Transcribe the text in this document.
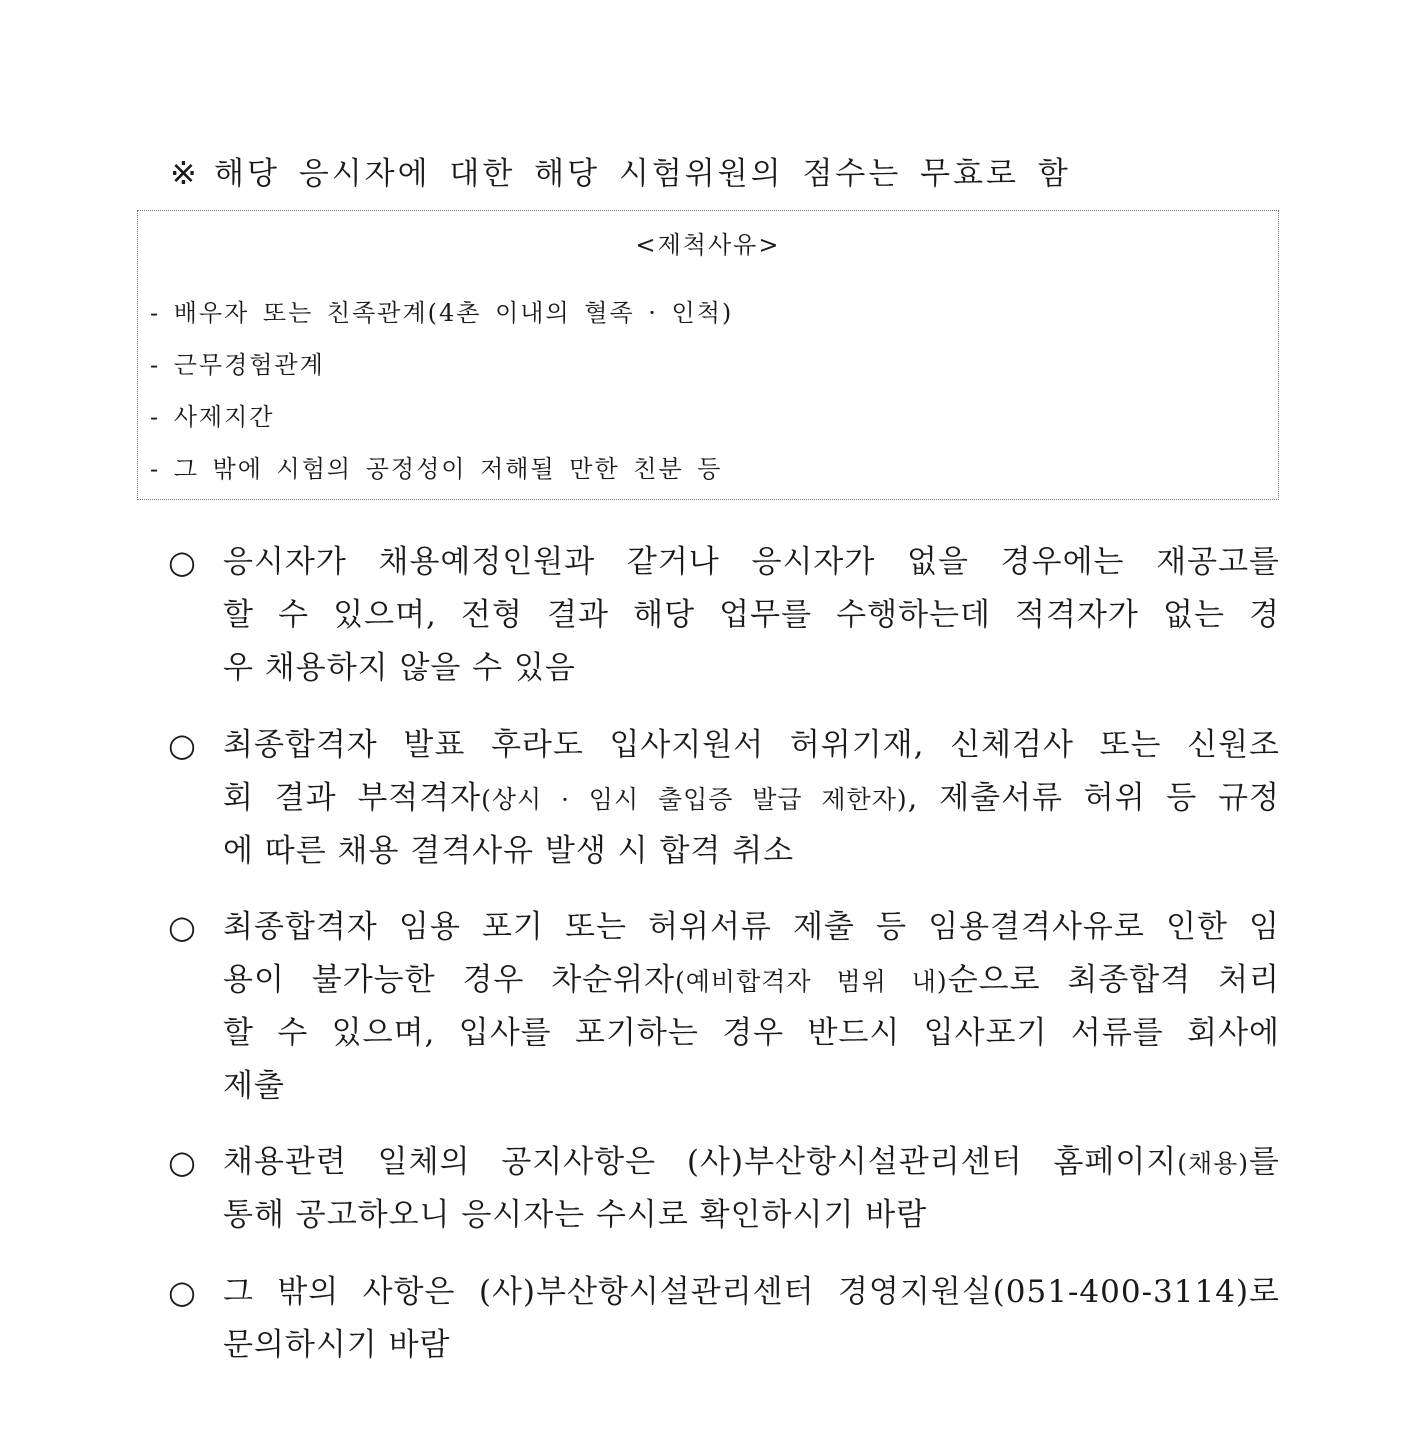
※ 해당 응시자에 대한 해당 시험위원의 점수는 무효로 함
<제척사유>
- 배우자 또는 친족관계(4촌 이내의 혈족 · 인척)
- 근무경험관계
- 사제지간
- 그 밖에 시험의 공정성이 저해될 만한 친분 등
○ 응시자가 채용예정인원과 같거나 응시자가 없을 경우에는 재공고를
할 수 있으며, 전형 결과 해당 업무를 수행하는데 적격자가 없는 경
우 채용하지 않을 수 있음
○ 최종합격자 발표 후라도 입사지원서 허위기재, 신체검사 또는 신원조
회 결과 부적격자(상시 · 임시 출입증 발급 제한자), 제출서류 허위 등 규정
에 따른 채용 결격사유 발생 시 합격 취소
○ 최종합격자 임용 포기 또는 허위서류 제출 등 임용결격사유로 인한 임
용이 불가능한 경우 차순위자(예비합격자 범위 내)순으로 최종합격 처리
할 수 있으며, 입사를 포기하는 경우 반드시 입사포기 서류를 회사에
제출
○ 채용관련 일체의 공지사항은 (사)부산항시설관리센터 홈페이지(채용)를
통해 공고하오니 응시자는 수시로 확인하시기 바람
○ 그 밖의 사항은 (사)부산항시설관리센터 경영지원실(051-400-3114)로
문의하시기 바람
